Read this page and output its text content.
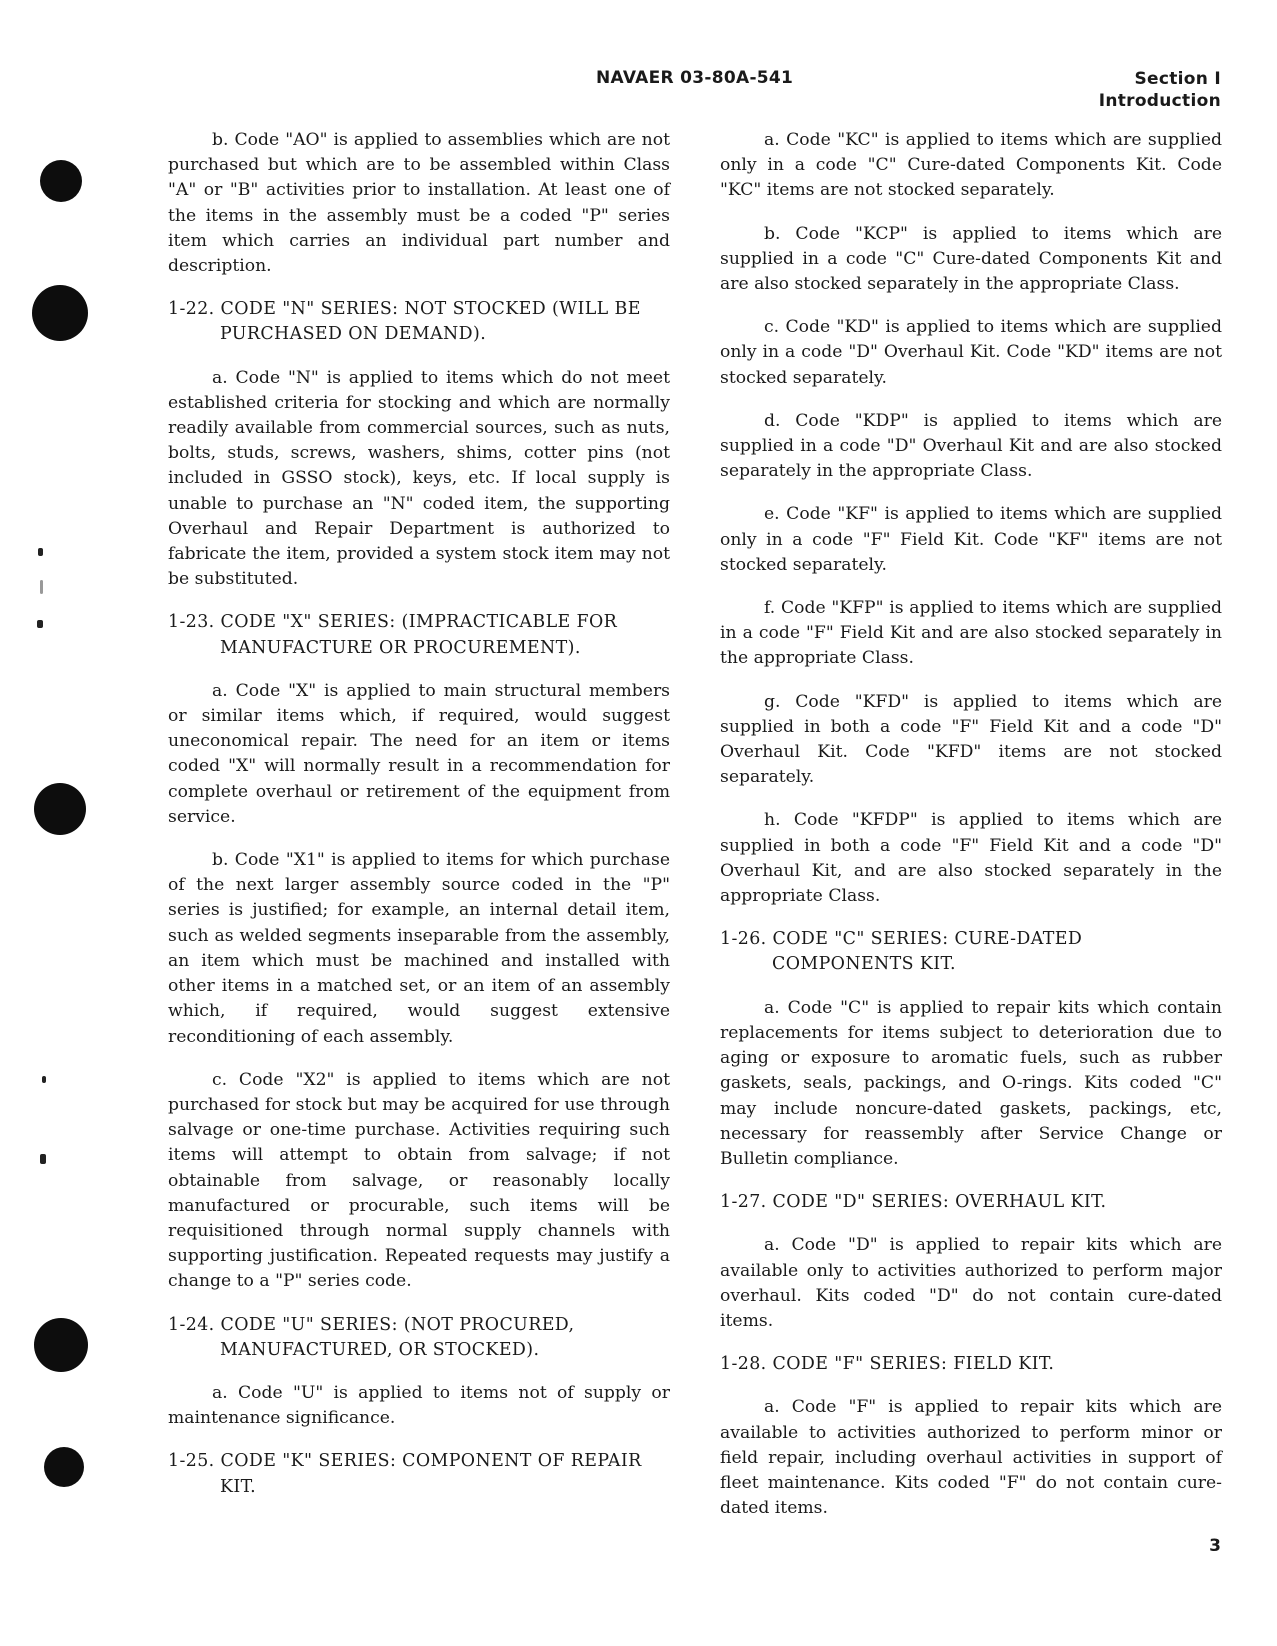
NAVAER 03-80A-541	Section I
Introduction

b. Code "AO" is applied to assemblies which are not purchased but which are to be assembled within Class "A" or "B" activities prior to installation. At least one of the items in the assembly must be a coded "P" series item which carries an individual part number and description.

1-22. CODE "N" SERIES: NOT STOCKED (WILL BE PURCHASED ON DEMAND).

a. Code "N" is applied to items which do not meet established criteria for stocking and which are normally readily available from commercial sources, such as nuts, bolts, studs, screws, washers, shims, cotter pins (not included in GSSO stock), keys, etc. If local supply is unable to purchase an "N" coded item, the supporting Overhaul and Repair Department is authorized to fabricate the item, provided a system stock item may not be substituted.

1-23. CODE "X" SERIES: (IMPRACTICABLE FOR MANUFACTURE OR PROCUREMENT).

a. Code "X" is applied to main structural members or similar items which, if required, would suggest uneconomical repair. The need for an item or items coded "X" will normally result in a recommendation for complete overhaul or retirement of the equipment from service.

b. Code "X1" is applied to items for which purchase of the next larger assembly source coded in the "P" series is justified; for example, an internal detail item, such as welded segments inseparable from the assembly, an item which must be machined and installed with other items in a matched set, or an item of an assembly which, if required, would suggest extensive reconditioning of each assembly.

c. Code "X2" is applied to items which are not purchased for stock but may be acquired for use through salvage or one-time purchase. Activities requiring such items will attempt to obtain from salvage; if not obtainable from salvage, or reasonably locally manufactured or procurable, such items will be requisitioned through normal supply channels with supporting justification. Repeated requests may justify a change to a "P" series code.

1-24. CODE "U" SERIES: (NOT PROCURED, MANUFACTURED, OR STOCKED).

a. Code "U" is applied to items not of supply or maintenance significance.

1-25. CODE "K" SERIES: COMPONENT OF REPAIR KIT.

a. Code "KC" is applied to items which are supplied only in a code "C" Cure-dated Components Kit. Code "KC" items are not stocked separately.

b. Code "KCP" is applied to items which are supplied in a code "C" Cure-dated Components Kit and are also stocked separately in the appropriate Class.

c. Code "KD" is applied to items which are supplied only in a code "D" Overhaul Kit. Code "KD" items are not stocked separately.

d. Code "KDP" is applied to items which are supplied in a code "D" Overhaul Kit and are also stocked separately in the appropriate Class.

e. Code "KF" is applied to items which are supplied only in a code "F" Field Kit. Code "KF" items are not stocked separately.

f. Code "KFP" is applied to items which are supplied in a code "F" Field Kit and are also stocked separately in the appropriate Class.

g. Code "KFD" is applied to items which are supplied in both a code "F" Field Kit and a code "D" Overhaul Kit. Code "KFD" items are not stocked separately.

h. Code "KFDP" is applied to items which are supplied in both a code "F" Field Kit and a code "D" Overhaul Kit, and are also stocked separately in the appropriate Class.

1-26. CODE "C" SERIES: CURE-DATED COMPONENTS KIT.

a. Code "C" is applied to repair kits which contain replacements for items subject to deterioration due to aging or exposure to aromatic fuels, such as rubber gaskets, seals, packings, and O-rings. Kits coded "C" may include noncure-dated gaskets, packings, etc, necessary for reassembly after Service Change or Bulletin compliance.

1-27. CODE "D" SERIES: OVERHAUL KIT.

a. Code "D" is applied to repair kits which are available only to activities authorized to perform major overhaul. Kits coded "D" do not contain cure-dated items.

1-28. CODE "F" SERIES: FIELD KIT.

a. Code "F" is applied to repair kits which are available to activities authorized to perform minor or field repair, including overhaul activities in support of fleet maintenance. Kits coded "F" do not contain cure-dated items.

3
